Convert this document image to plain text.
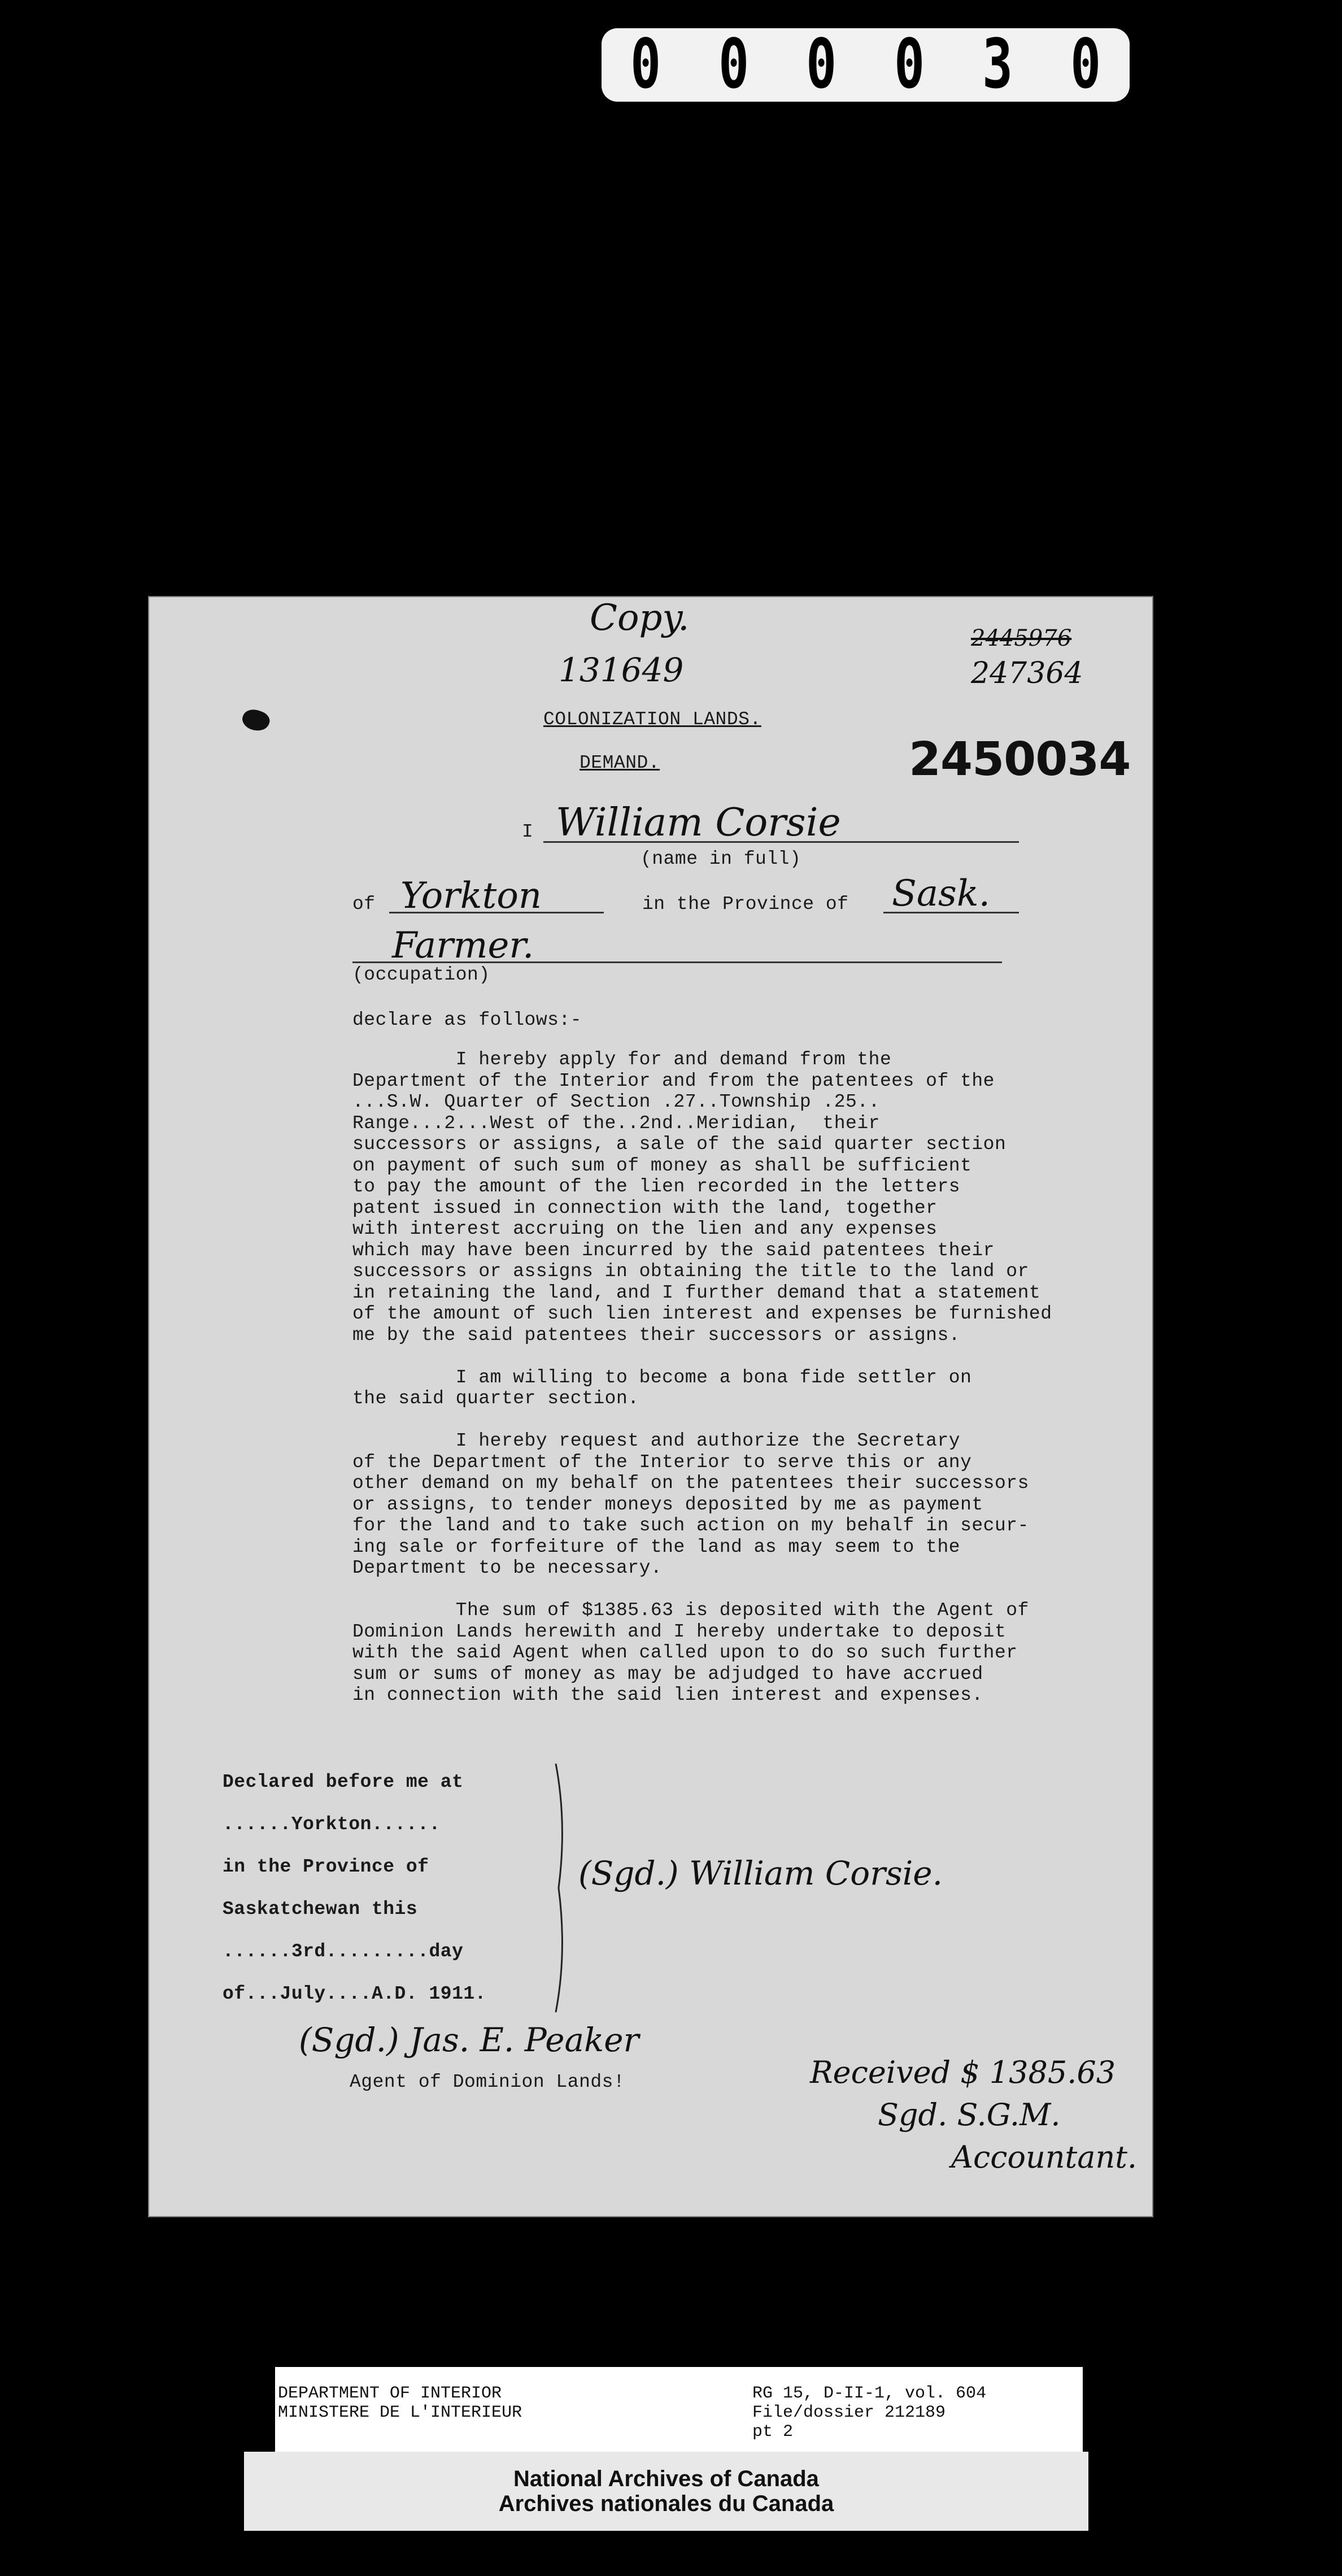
0 0 0 0 3 0
Copy.
131649
2445976
247364
COLONIZATION LANDS.
DEMAND.	2450034
I William Corsie
(name in full)
of Yorkton	in the Province of Sask.
Farmer.
(occupation)
declare as follows:-
I hereby apply for and demand from the
Department of the Interior and from the patentees of the
...S.W. Quarter of Section .27..Township .25..
Range...2...West of the..2nd..Meridian,  their
successors or assigns, a sale of the said quarter section
on payment of such sum of money as shall be sufficient
to pay the amount of the lien recorded in the letters
patent issued in connection with the land, together
with interest accruing on the lien and any expenses
which may have been incurred by the said patentees their
successors or assigns in obtaining the title to the land or
in retaining the land, and I further demand that a statement
of the amount of such lien interest and expenses be furnished
me by the said patentees their successors or assigns.
I am willing to become a bona fide settler on
the said quarter section.
I hereby request and authorize the Secretary
of the Department of the Interior to serve this or any
other demand on my behalf on the patentees their successors
or assigns, to tender moneys deposited by me as payment
for the land and to take such action on my behalf in secur-
ing sale or forfeiture of the land as may seem to the
Department to be necessary.
The sum of $1385.63 is deposited with the Agent of
Dominion Lands herewith and I hereby undertake to deposit
with the said Agent when called upon to do so such further
sum or sums of money as may be adjudged to have accrued
in connection with the said lien interest and expenses.
Declared before me at
......Yorkton......
in the Province of
Saskatchewan this
......3rd.........day
of...July....A.D. 1911.
(Sgd.) William Corsie.
(Sgd.) Jas. E. Peaker
Agent of Dominion Lands!	Received $ 1385.63
Sgd. S.G.M.
Accountant.
DEPARTMENT OF INTERIOR
MINISTERE DE L'INTERIEUR
RG 15, D-II-1, vol. 604
File/dossier 212189
pt 2
National Archives of Canada
Archives nationales du Canada
